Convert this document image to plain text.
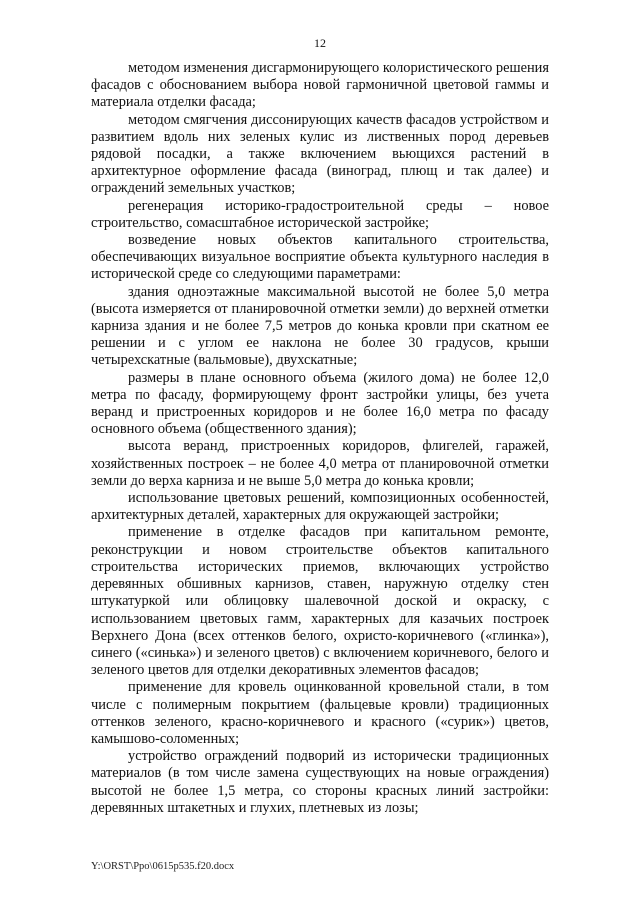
12

методом изменения дисгармонирующего колористического решения фасадов с обоснованием выбора новой гармоничной цветовой гаммы и материала отделки фасада;

методом смягчения диссонирующих качеств фасадов устройством и развитием вдоль них зеленых кулис из лиственных пород деревьев рядовой посадки, а также включением вьющихся растений в архитектурное оформление фасада (виноград, плющ и так далее) и ограждений земельных участков;

регенерация историко-градостроительной среды – новое строительство, сомасштабное исторической застройке;

возведение новых объектов капитального строительства, обеспечивающих визуальное восприятие объекта культурного наследия в исторической среде со следующими параметрами:

здания одноэтажные максимальной высотой не более 5,0 метра (высота измеряется от планировочной отметки земли) до верхней отметки карниза здания и не более 7,5 метров до конька кровли при скатном ее решении и с углом ее наклона не более 30 градусов, крыши четырехскатные (вальмовые), двухскатные;

размеры в плане основного объема (жилого дома) не более 12,0 метра по фасаду, формирующему фронт застройки улицы, без учета веранд и пристроенных коридоров и не более 16,0 метра по фасаду основного объема (общественного здания);

высота веранд, пристроенных коридоров, флигелей, гаражей, хозяйственных построек – не более 4,0 метра от планировочной отметки земли до верха карниза и не выше 5,0 метра до конька кровли;

использование цветовых решений, композиционных особенностей, архитектурных деталей, характерных для окружающей застройки;

применение в отделке фасадов при капитальном ремонте, реконструкции и новом строительстве объектов капитального строительства исторических приемов, включающих устройство деревянных обшивных карнизов, ставен, наружную отделку стен штукатуркой или облицовку шалевочной доской и окраску, с использованием цветовых гамм, характерных для казачьих построек Верхнего Дона (всех оттенков белого, охристо-коричневого («глинка»), синего («синька») и зеленого цветов) с включением коричневого, белого и зеленого цветов для отделки декоративных элементов фасадов;

применение для кровель оцинкованной кровельной стали, в том числе с полимерным покрытием (фальцевые кровли) традиционных оттенков зеленого, красно-коричневого и красного («сурик») цветов, камышово-соломенных;

устройство ограждений подворий из исторически традиционных материалов (в том числе замена существующих на новые ограждения) высотой не более 1,5 метра, со стороны красных линий застройки: деревянных штакетных и глухих, плетневых из лозы;

Y:\ORST\Ppo\0615p535.f20.docx
